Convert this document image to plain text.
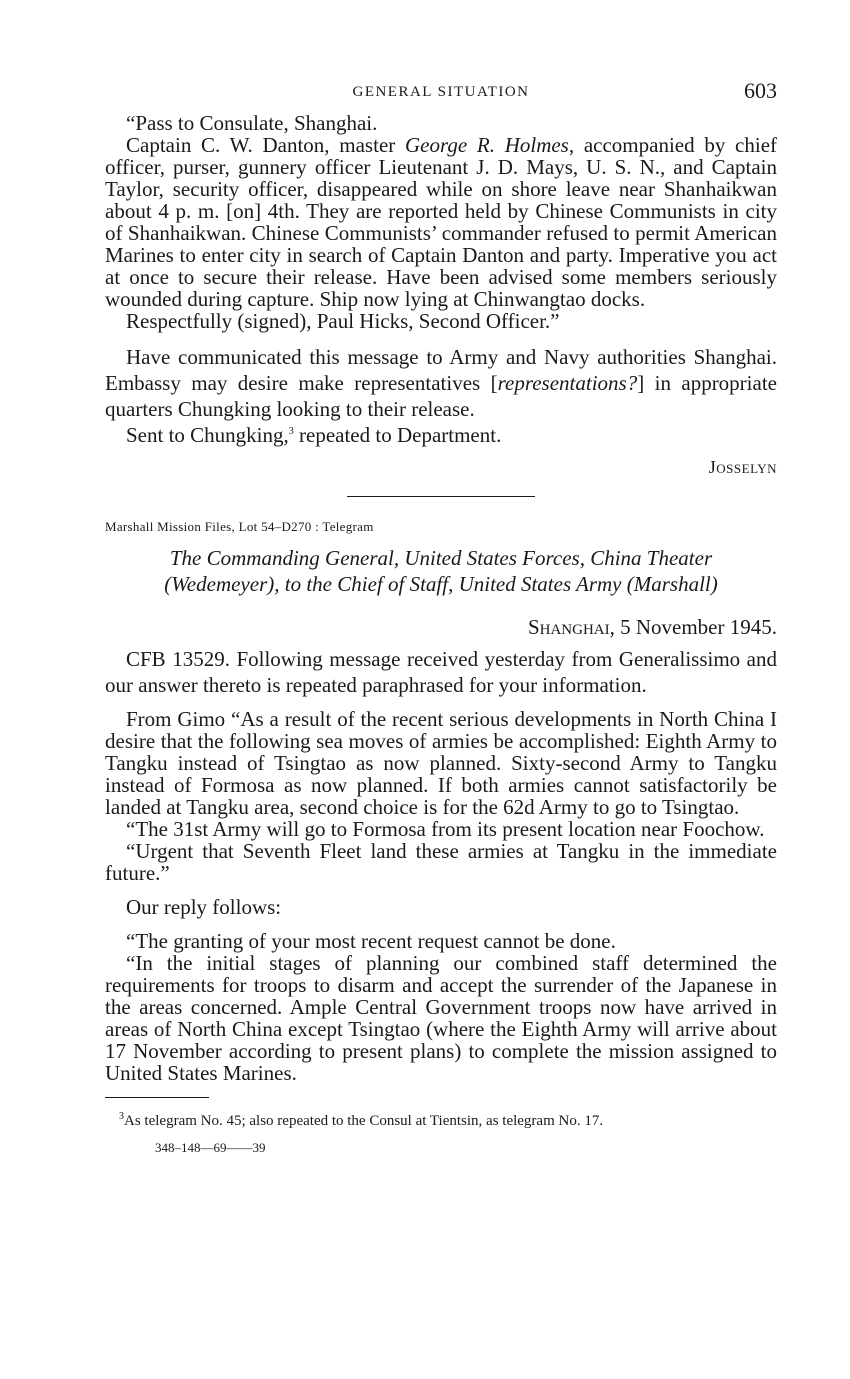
GENERAL SITUATION	603

“Pass to Consulate, Shanghai.

Captain C. W. Danton, master George R. Holmes, accompanied by chief officer, purser, gunnery officer Lieutenant J. D. Mays, U. S. N., and Captain Taylor, security officer, disappeared while on shore leave near Shanhaikwan about 4 p. m. [on] 4th. They are reported held by Chinese Communists in city of Shanhaikwan. Chinese Communists’ commander refused to permit American Marines to enter city in search of Captain Danton and party. Imperative you act at once to secure their release. Have been advised some members seriously wounded during capture. Ship now lying at Chinwangtao docks.

Respectfully (signed), Paul Hicks, Second Officer.”

Have communicated this message to Army and Navy authorities Shanghai. Embassy may desire make representatives [representations?] in appropriate quarters Chungking looking to their release.

Sent to Chungking,$^3$ repeated to Department.

Josselyn

Marshall Mission Files, Lot 54–D270 : Telegram
The Commanding General, United States Forces, China Theater
(Wedemeyer), to the Chief of Staff, United States Army (Marshall)
Shanghai, 5 November 1945.

CFB 13529. Following message received yesterday from Generalissimo and our answer thereto is repeated paraphrased for your information.

From Gimo “As a result of the recent serious developments in North China I desire that the following sea moves of armies be accomplished: Eighth Army to Tangku instead of Tsingtao as now planned. Sixty-second Army to Tangku instead of Formosa as now planned. If both armies cannot satisfactorily be landed at Tangku area, second choice is for the 62d Army to go to Tsingtao.

“The 31st Army will go to Formosa from its present location near Foochow.

“Urgent that Seventh Fleet land these armies at Tangku in the immediate future.”

Our reply follows:

“The granting of your most recent request cannot be done.

“In the initial stages of planning our combined staff determined the requirements for troops to disarm and accept the surrender of the Japanese in the areas concerned. Ample Central Government troops now have arrived in areas of North China except Tsingtao (where the Eighth Army will arrive about 17 November according to present plans) to complete the mission assigned to United States Marines.

$^3$As telegram No. 45; also repeated to the Consul at Tientsin, as telegram No. 17.

348–148—69——39
